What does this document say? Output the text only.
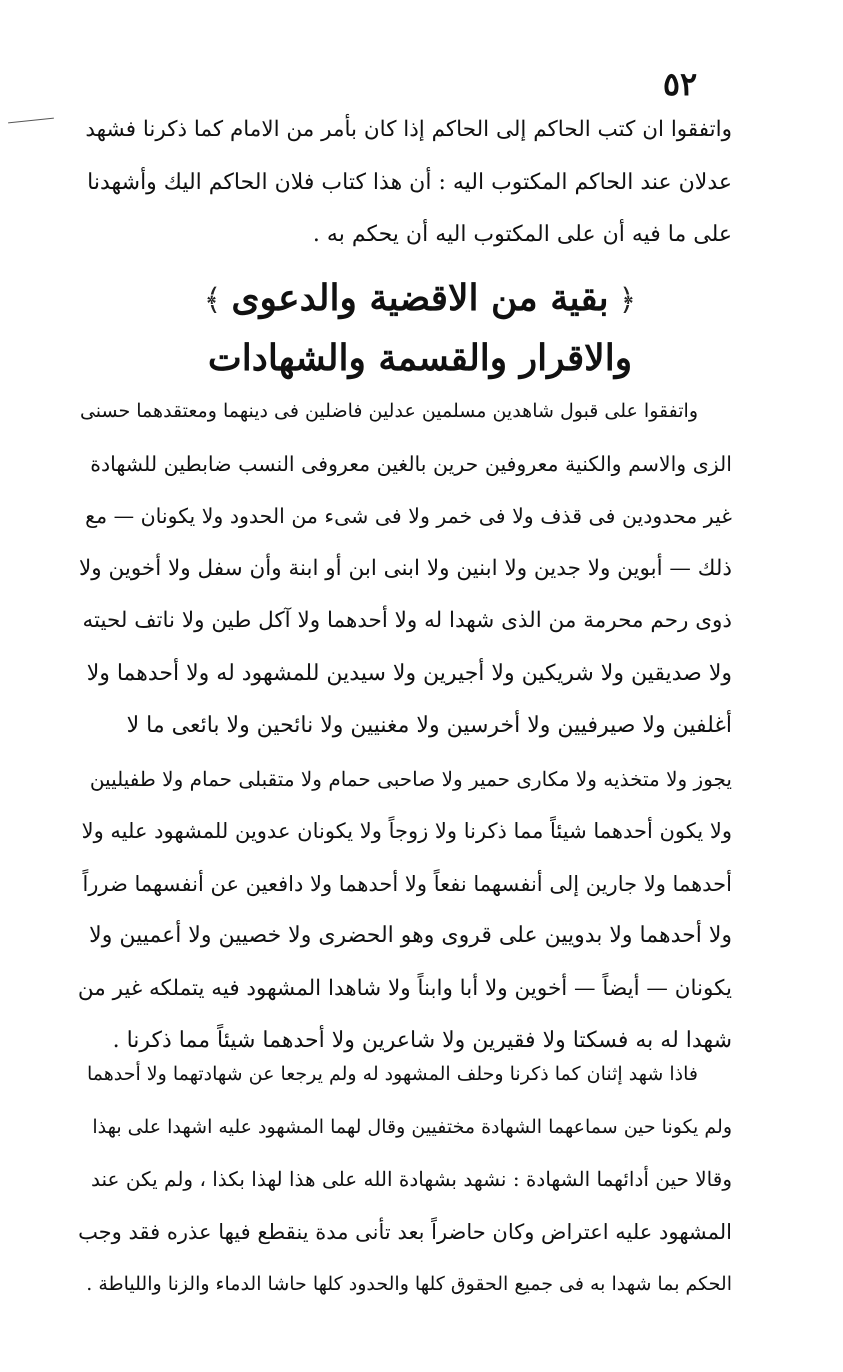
٥٢
واتفقوا ان كتب الحاكم إلى الحاكم إذا كان بأمر من الامام كما ذكرنا فشهد
عدلان عند الحاكم المكتوب اليه : أن هذا كتاب فلان الحاكم اليك وأشهدنا
على ما فيه أن على المكتوب اليه أن يحكم به .
﴿بقية من الاقضية والدعوى﴾
والاقرار والقسمة والشهادات
واتفقوا على قبول شاهدين مسلمين عدلين فاضلين فى دينهما ومعتقدهما حسنى
الزى والاسم والكنية معروفين حرين بالغين معروفى النسب ضابطين للشهادة
غير محدودين فى قذف ولا فى خمر ولا فى شىء من الحدود ولا يكونان — مع
ذلك — أبوين ولا جدين ولا ابنين ولا ابنى ابن أو ابنة وأن سفل ولا أخوين ولا
ذوى رحم محرمة من الذى شهدا له ولا أحدهما ولا آكل طين ولا ناتف لحيته
ولا صديقين ولا شريكين ولا أجيرين ولا سيدين للمشهود له ولا أحدهما ولا
أغلفين ولا صيرفيين ولا أخرسين ولا مغنيين ولا نائحين ولا بائعى ما لا
يجوز ولا متخذيه ولا مكارى حمير ولا صاحبى حمام ولا متقبلى حمام ولا طفيليين
ولا يكون أحدهما شيئاً مما ذكرنا ولا زوجاً ولا يكونان عدوين للمشهود عليه ولا
أحدهما ولا جارين إلى أنفسهما نفعاً ولا أحدهما ولا دافعين عن أنفسهما ضرراً
ولا أحدهما ولا بدويين على قروى وهو الحضرى ولا خصيين ولا أعميين ولا
يكونان — أيضاً — أخوين ولا أبا وابناً ولا شاهدا المشهود فيه يتملكه غير من
شهدا له به فسكتا ولا فقيرين ولا شاعرين ولا أحدهما شيئاً مما ذكرنا .
فاذا شهد إثنان كما ذكرنا وحلف المشهود له ولم يرجعا عن شهادتهما ولا أحدهما
ولم يكونا حين سماعهما الشهادة مختفيين وقال لهما المشهود عليه اشهدا على بهذا
وقالا حين أدائهما الشهادة : نشهد بشهادة الله على هذا لهذا بكذا ، ولم يكن عند
المشهود عليه اعتراض وكان حاضراً بعد تأنى مدة ينقطع فيها عذره فقد وجب
الحكم بما شهدا به فى جميع الحقوق كلها والحدود كلها حاشا الدماء والزنا واللياطة .
